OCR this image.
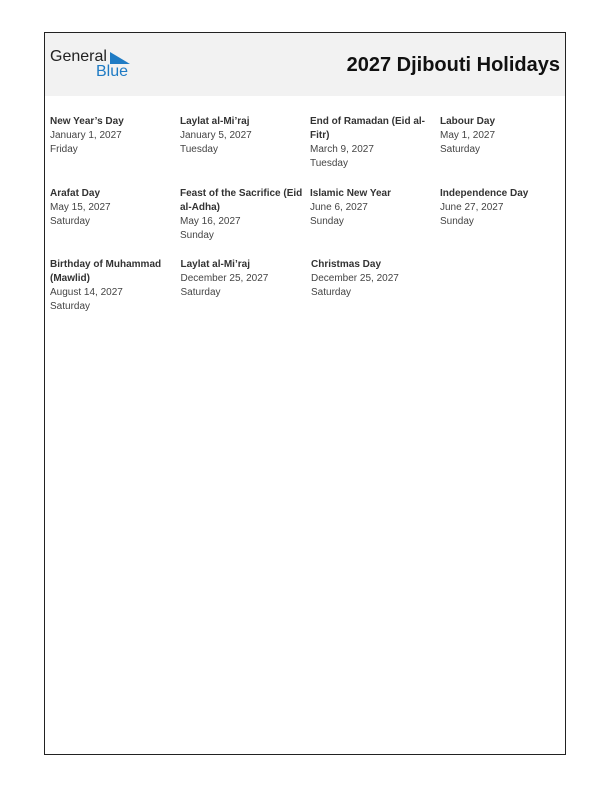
General
Blue	2027 Djibouti Holidays
New Year’s Day
January 1, 2027
Friday
Laylat al-Mi’raj
January 5, 2027
Tuesday
End of Ramadan (Eid al-Fitr)
March 9, 2027
Tuesday
Labour Day
May 1, 2027
Saturday
Arafat Day
May 15, 2027
Saturday
Feast of the Sacrifice (Eid al-Adha)
May 16, 2027
Sunday
Islamic New Year
June 6, 2027
Sunday
Independence Day
June 27, 2027
Sunday
Birthday of Muhammad (Mawlid)
August 14, 2027
Saturday
Laylat al-Mi’raj
December 25, 2027
Saturday
Christmas Day
December 25, 2027
Saturday
